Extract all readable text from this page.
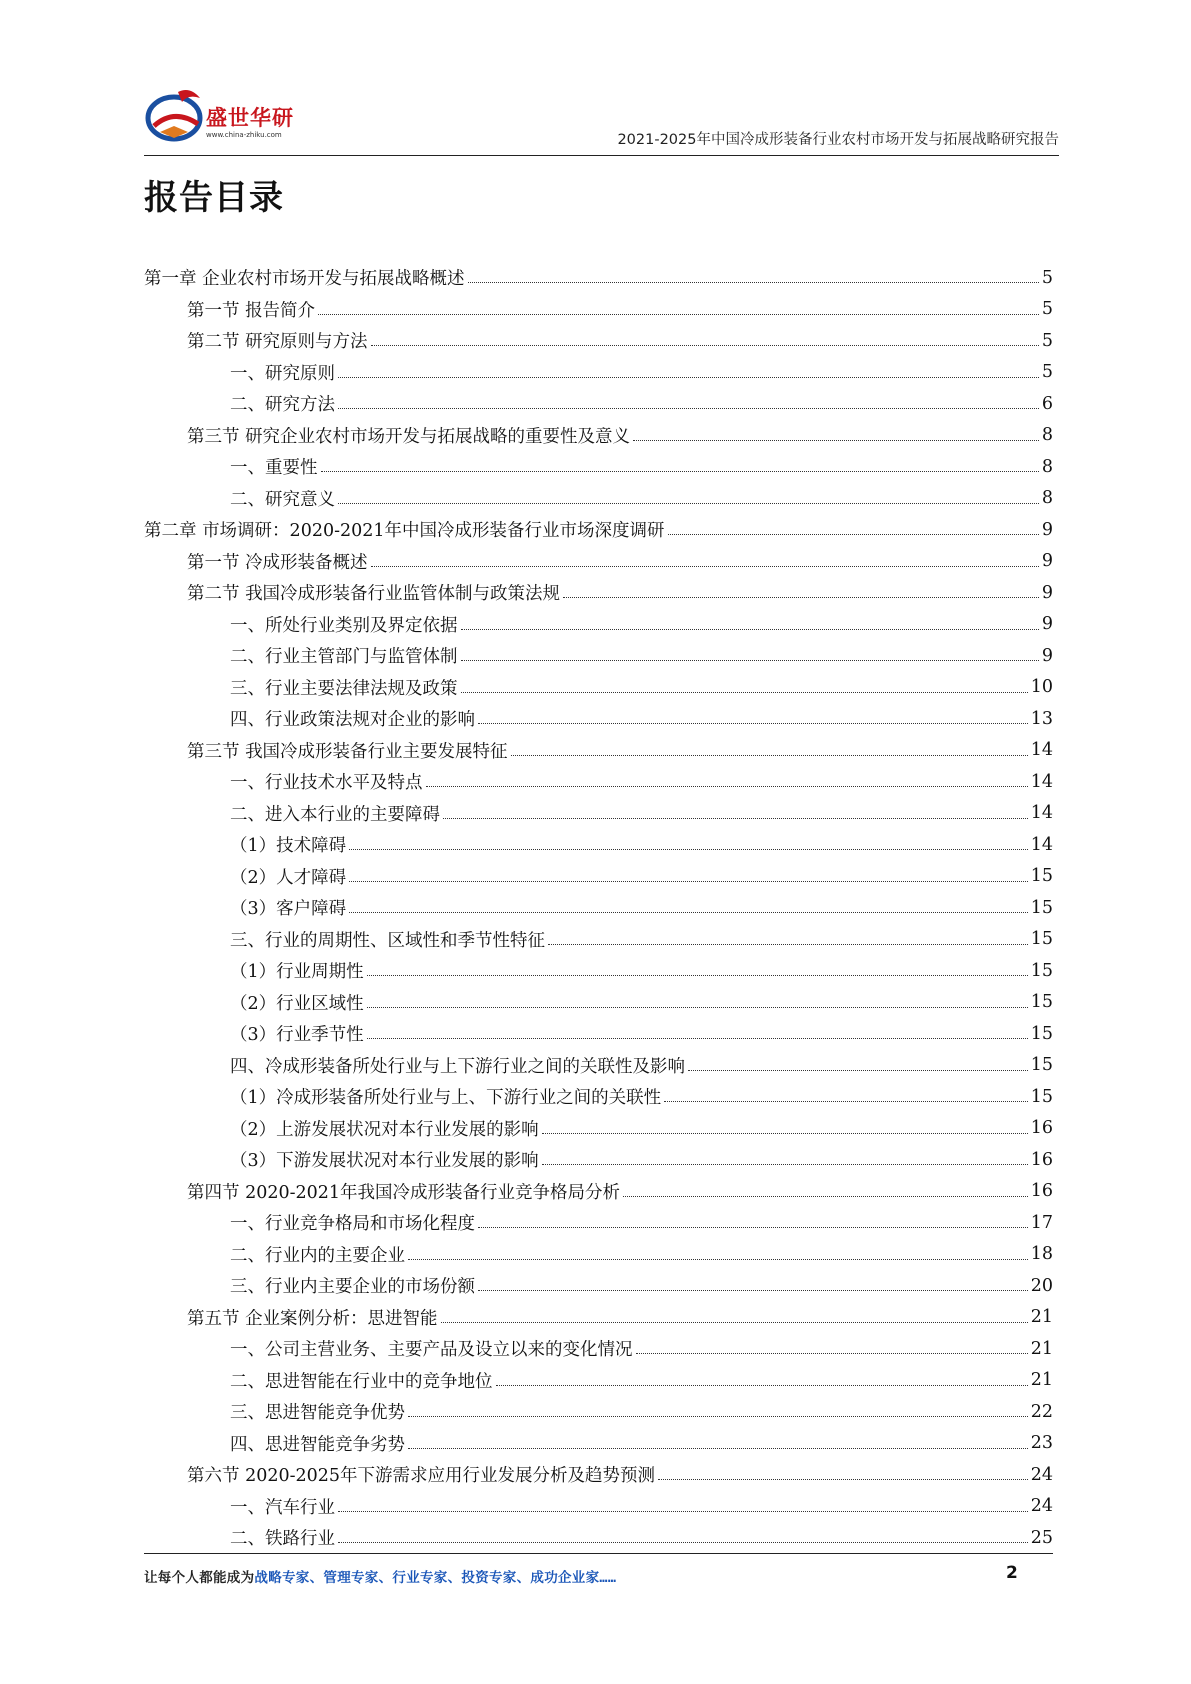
盛世华研
www.china-zhiku.com	2021-2025年中国冷成形装备行业农村市场开发与拓展战略研究报告
报告目录
第一章 企业农村市场开发与拓展战略概述	5
第一节 报告简介	5
第二节 研究原则与方法	5
一、研究原则	5
二、研究方法	6
第三节 研究企业农村市场开发与拓展战略的重要性及意义	8
一、重要性	8
二、研究意义	8
第二章 市场调研：2020-2021年中国冷成形装备行业市场深度调研	9
第一节 冷成形装备概述	9
第二节 我国冷成形装备行业监管体制与政策法规	9
一、所处行业类别及界定依据	9
二、行业主管部门与监管体制	9
三、行业主要法律法规及政策	10
四、行业政策法规对企业的影响	13
第三节 我国冷成形装备行业主要发展特征	14
一、行业技术水平及特点	14
二、进入本行业的主要障碍	14
（1）技术障碍	14
（2）人才障碍	15
（3）客户障碍	15
三、行业的周期性、区域性和季节性特征	15
（1）行业周期性	15
（2）行业区域性	15
（3）行业季节性	15
四、冷成形装备所处行业与上下游行业之间的关联性及影响	15
（1）冷成形装备所处行业与上、下游行业之间的关联性	15
（2）上游发展状况对本行业发展的影响	16
（3）下游发展状况对本行业发展的影响	16
第四节 2020-2021年我国冷成形装备行业竞争格局分析	16
一、行业竞争格局和市场化程度	17
二、行业内的主要企业	18
三、行业内主要企业的市场份额	20
第五节 企业案例分析：思进智能	21
一、公司主营业务、主要产品及设立以来的变化情况	21
二、思进智能在行业中的竞争地位	21
三、思进智能竞争优势	22
四、思进智能竞争劣势	23
第六节 2020-2025年下游需求应用行业发展分析及趋势预测	24
一、汽车行业	24
二、铁路行业	25
让每个人都能成为战略专家、管理专家、行业专家、投资专家、成功企业家……	2
